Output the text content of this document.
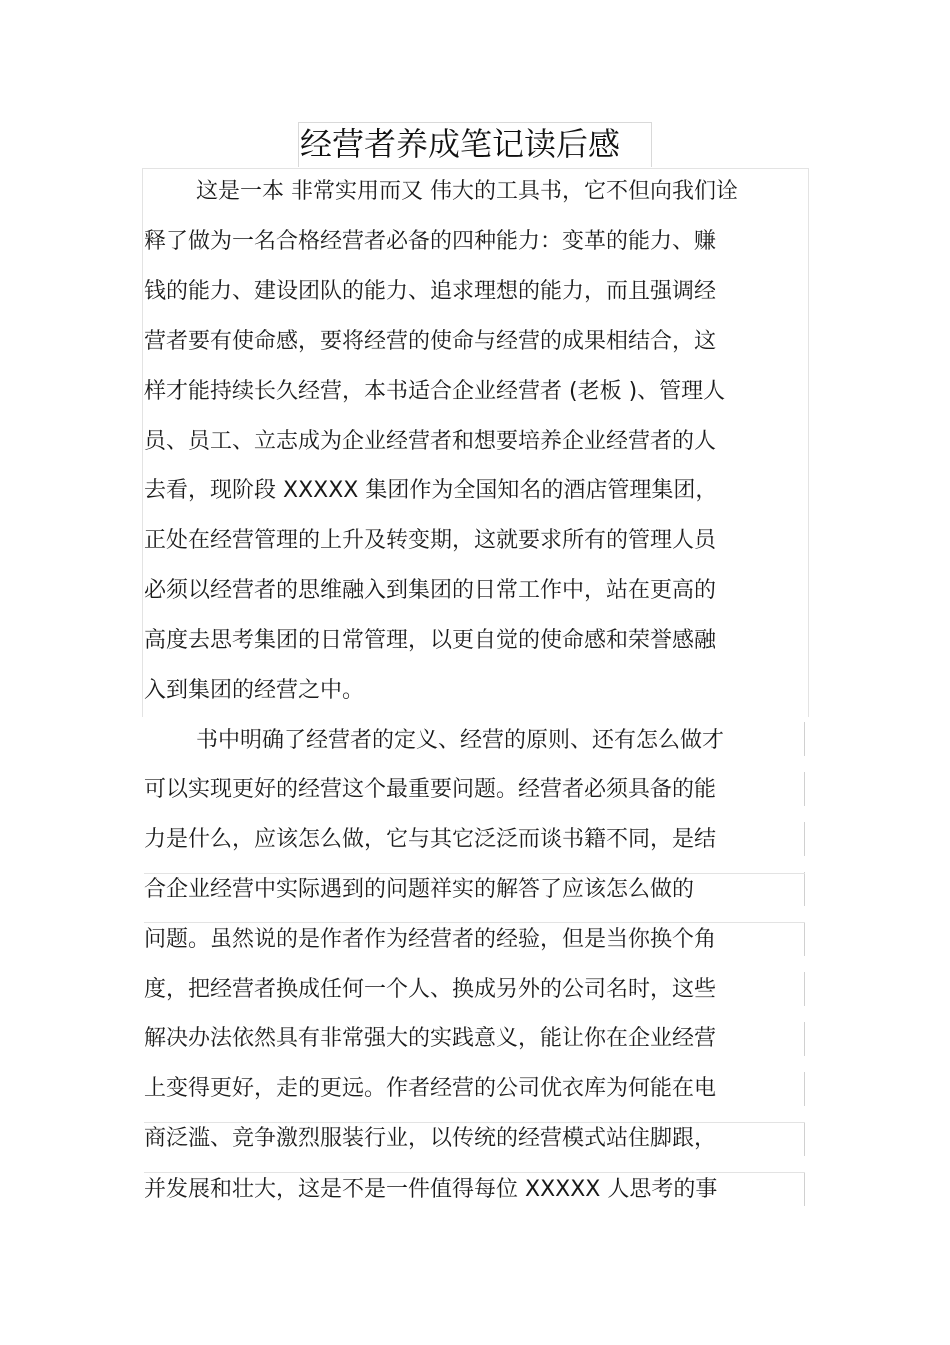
经营者养成笔记读后感
这是一本 非常实用而又 伟大的工具书，它不但向我们诠
释了做为一名合格经营者必备的四种能力：变革的能力、赚
钱的能力、建设团队的能力、追求理想的能力，而且强调经
营者要有使命感，要将经营的使命与经营的成果相结合，这
样才能持续长久经营，本书适合企业经营者 (老板 )、管理人
员、员工、立志成为企业经营者和想要培养企业经营者的人
去看，现阶段 XXXXX 集团作为全国知名的酒店管理集团，
正处在经营管理的上升及转变期，这就要求所有的管理人员
必须以经营者的思维融入到集团的日常工作中，站在更高的
高度去思考集团的日常管理，以更自觉的使命感和荣誉感融
入到集团的经营之中。
书中明确了经营者的定义、经营的原则、还有怎么做才
可以实现更好的经营这个最重要问题。经营者必须具备的能
力是什么，应该怎么做，它与其它泛泛而谈书籍不同，是结
合企业经营中实际遇到的问题祥实的解答了应该怎么做的
问题。虽然说的是作者作为经营者的经验，但是当你换个角
度，把经营者换成任何一个人、换成另外的公司名时，这些
解决办法依然具有非常强大的实践意义，能让你在企业经营
上变得更好，走的更远。作者经营的公司优衣库为何能在电
商泛滥、竞争激烈服装行业，以传统的经营模式站住脚跟，
并发展和壮大，这是不是一件值得每位 XXXXX 人思考的事
